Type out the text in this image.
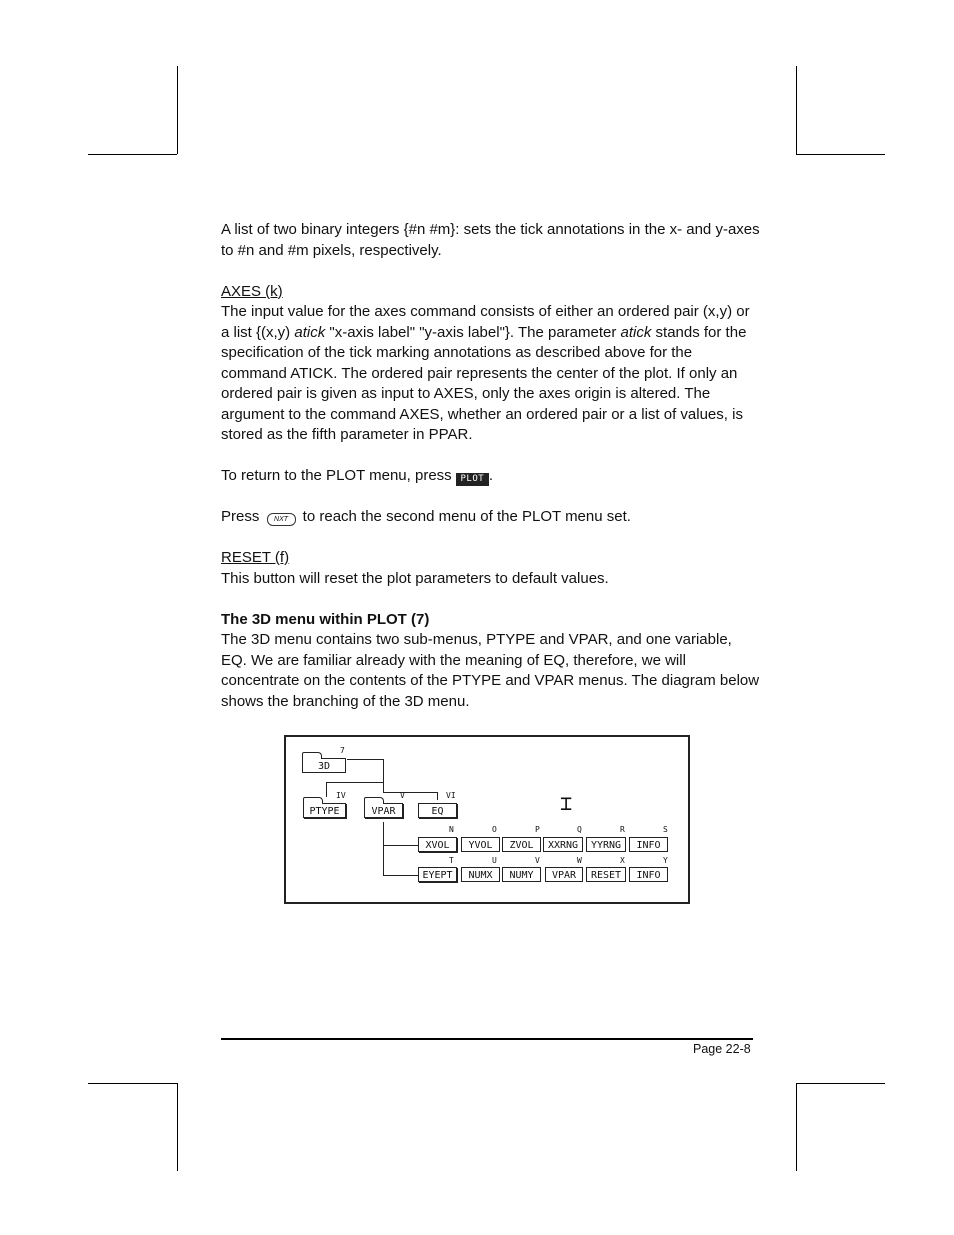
A list of two binary integers {#n #m}: sets the tick annotations in the x- and y-axes to #n and #m pixels, respectively.

AXES (k)
The input value for the axes command consists of either an ordered pair (x,y) or a list {(x,y) atick "x-axis label" "y-axis label"}. The parameter atick stands for the specification of the tick marking annotations as described above for the command ATICK. The ordered pair represents the center of the plot. If only an ordered pair is given as input to AXES, only the axes origin is altered. The argument to the command AXES, whether an ordered pair or a list of values, is stored as the fifth parameter in PPAR.

To return to the PLOT menu, press PLOT .

Press NXT to reach the second menu of the PLOT menu set.

RESET (f)
This button will reset the plot parameters to default values.

The 3D menu within PLOT (7)
The 3D menu contains two sub-menus, PTYPE and VPAR, and one variable, EQ. We are familiar already with the meaning of EQ, therefore, we will concentrate on the contents of the PTYPE and VPAR menus. The diagram below shows the branching of the 3D menu.

7
3D
IV
PTYPE
V
VPAR
VI
EQ	⌶
N
XVOL
O
YVOL
P
ZVOL
Q
XXRNG
R
YYRNG
S
INFO
T
EYEPT
U
NUMX
V
NUMY
W
VPAR
X
RESET
Y
INFO
Page 22-8
